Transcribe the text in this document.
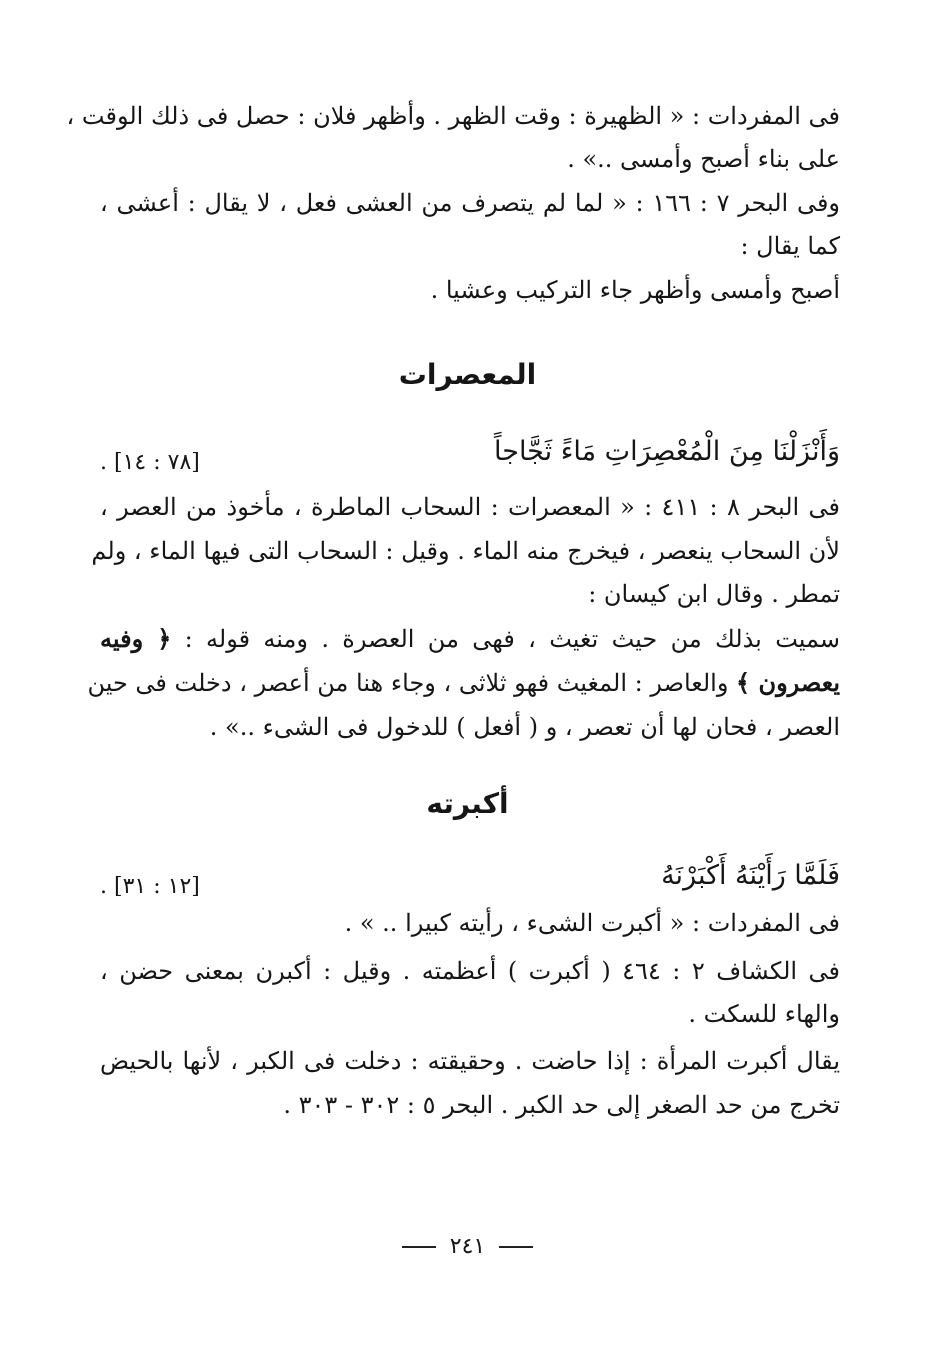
فى المفردات : « الظهيرة : وقت الظهر . وأظهر فلان : حصل فى ذلك الوقت ،
على بناء أصبح وأمسى ..» .
وفى البحر ٧ : ١٦٦ : « لما لم يتصرف من العشى فعل ، لا يقال : أعشى ،
كما يقال :
أصبح وأمسى وأظهر جاء التركيب وعشيا .
المعصرات
وَأَنْزَلْنَا مِنَ الْمُعْصِرَاتِ مَاءً ثَجَّاجاً
[٧٨ : ١٤] .
فى البحر ٨ : ٤١١ : « المعصرات : السحاب الماطرة ، مأخوذ من العصر ،
لأن السحاب ينعصر ، فيخرج منه الماء . وقيل : السحاب التى فيها الماء ، ولم
تمطر . وقال ابن كيسان :
سميت بذلك من حيث تغيث ، فهى من العصرة . ومنه قوله : ﴿ وفيه
يعصرون ﴾ والعاصر : المغيث فهو ثلاثى ، وجاء هنا من أعصر ، دخلت فى حين
العصر ، فحان لها أن تعصر ، و ( أفعل ) للدخول فى الشىء ..» .
أكبرته
فَلَمَّا رَأَيْنَهُ أَكْبَرْنَهُ
[١٢ : ٣١] .
فى المفردات : « أكبرت الشىء ، رأيته كبيرا .. » .
فى الكشاف ٢ : ٤٦٤ ( أكبرت ) أعظمته . وقيل : أكبرن بمعنى حضن ،
والهاء للسكت .
يقال أكبرت المرأة : إذا حاضت . وحقيقته : دخلت فى الكبر ، لأنها بالحيض
تخرج من حد الصغر إلى حد الكبر . البحر ٥ : ٣٠٢ - ٣٠٣ .
٢٤١
